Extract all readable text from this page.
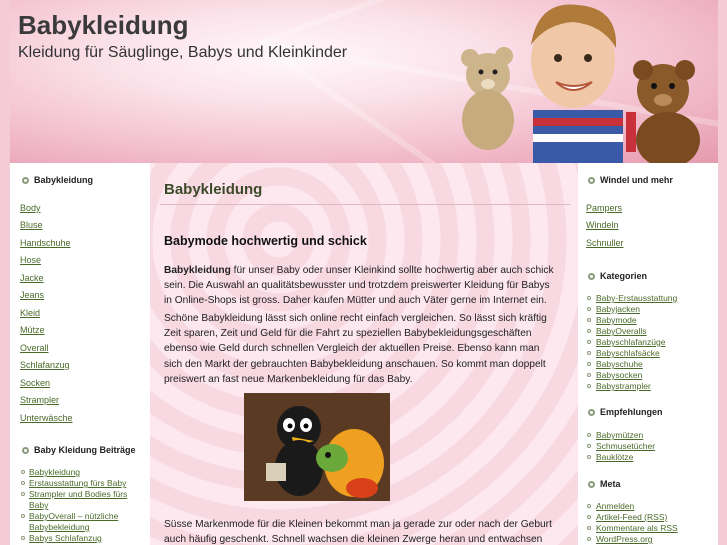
Babykleidung

Kleidung für Säuglinge, Babys und Kleinkinder

Babykleidung
Body
Bluse
Handschuhe
Hose
Jacke
Jeans
Kleid
Mütze
Overall
Schlafanzug
Socken
Strampler
Unterwäsche
Baby Kleidung Beiträge
Babykleidung
Erstausstattung fürs Baby
Strampler und Bodies fürs
Baby
BabyOverall – nützliche
Babybekleidung
Babys Schlafanzug
Babykleidung
Babymode hochwertig und schick

Babykleidung für unser Baby oder unser Kleinkind sollte hochwertig aber auch schick
sein. Die Auswahl an qualitätsbewusster und trotzdem preiswerter Kleidung für Babys
in Online-Shops ist gross. Daher kaufen Mütter und auch Väter gerne im Internet ein.

Schöne Babykleidung lässt sich online recht einfach vergleichen. So lässt sich kräftig
Zeit sparen, Zeit und Geld für die Fahrt zu speziellen Babybekleidungsgeschäften
ebenso wie Geld durch schnellen Vergleich der aktuellen Preise. Ebenso kann man
sich den Markt der gebrauchten Babybekleidung anschauen. So kommt man doppelt
preiswert an fast neue Markenbekleidung für das Baby.

Süsse Markenmode für die Kleinen bekommt man ja gerade zur oder nach der Geburt
auch häufig geschenkt. Schnell wachsen die kleinen Zwerge heran und entwachsen

Windel und mehr
Pampers
Windeln
Schnuller
Kategorien
Baby-Erstausstattung
Babyjacken
Babymode
BabyOveralls
Babyschlafanzüge
Babyschlafsäcke
Babyschuhe
Babysocken
Babystrampler
Empfehlungen
Babymützen
Schmusetücher
Bauklötze
Meta
Anmelden
Artikel-Feed (RSS)
Kommentare als RSS
WordPress.org
